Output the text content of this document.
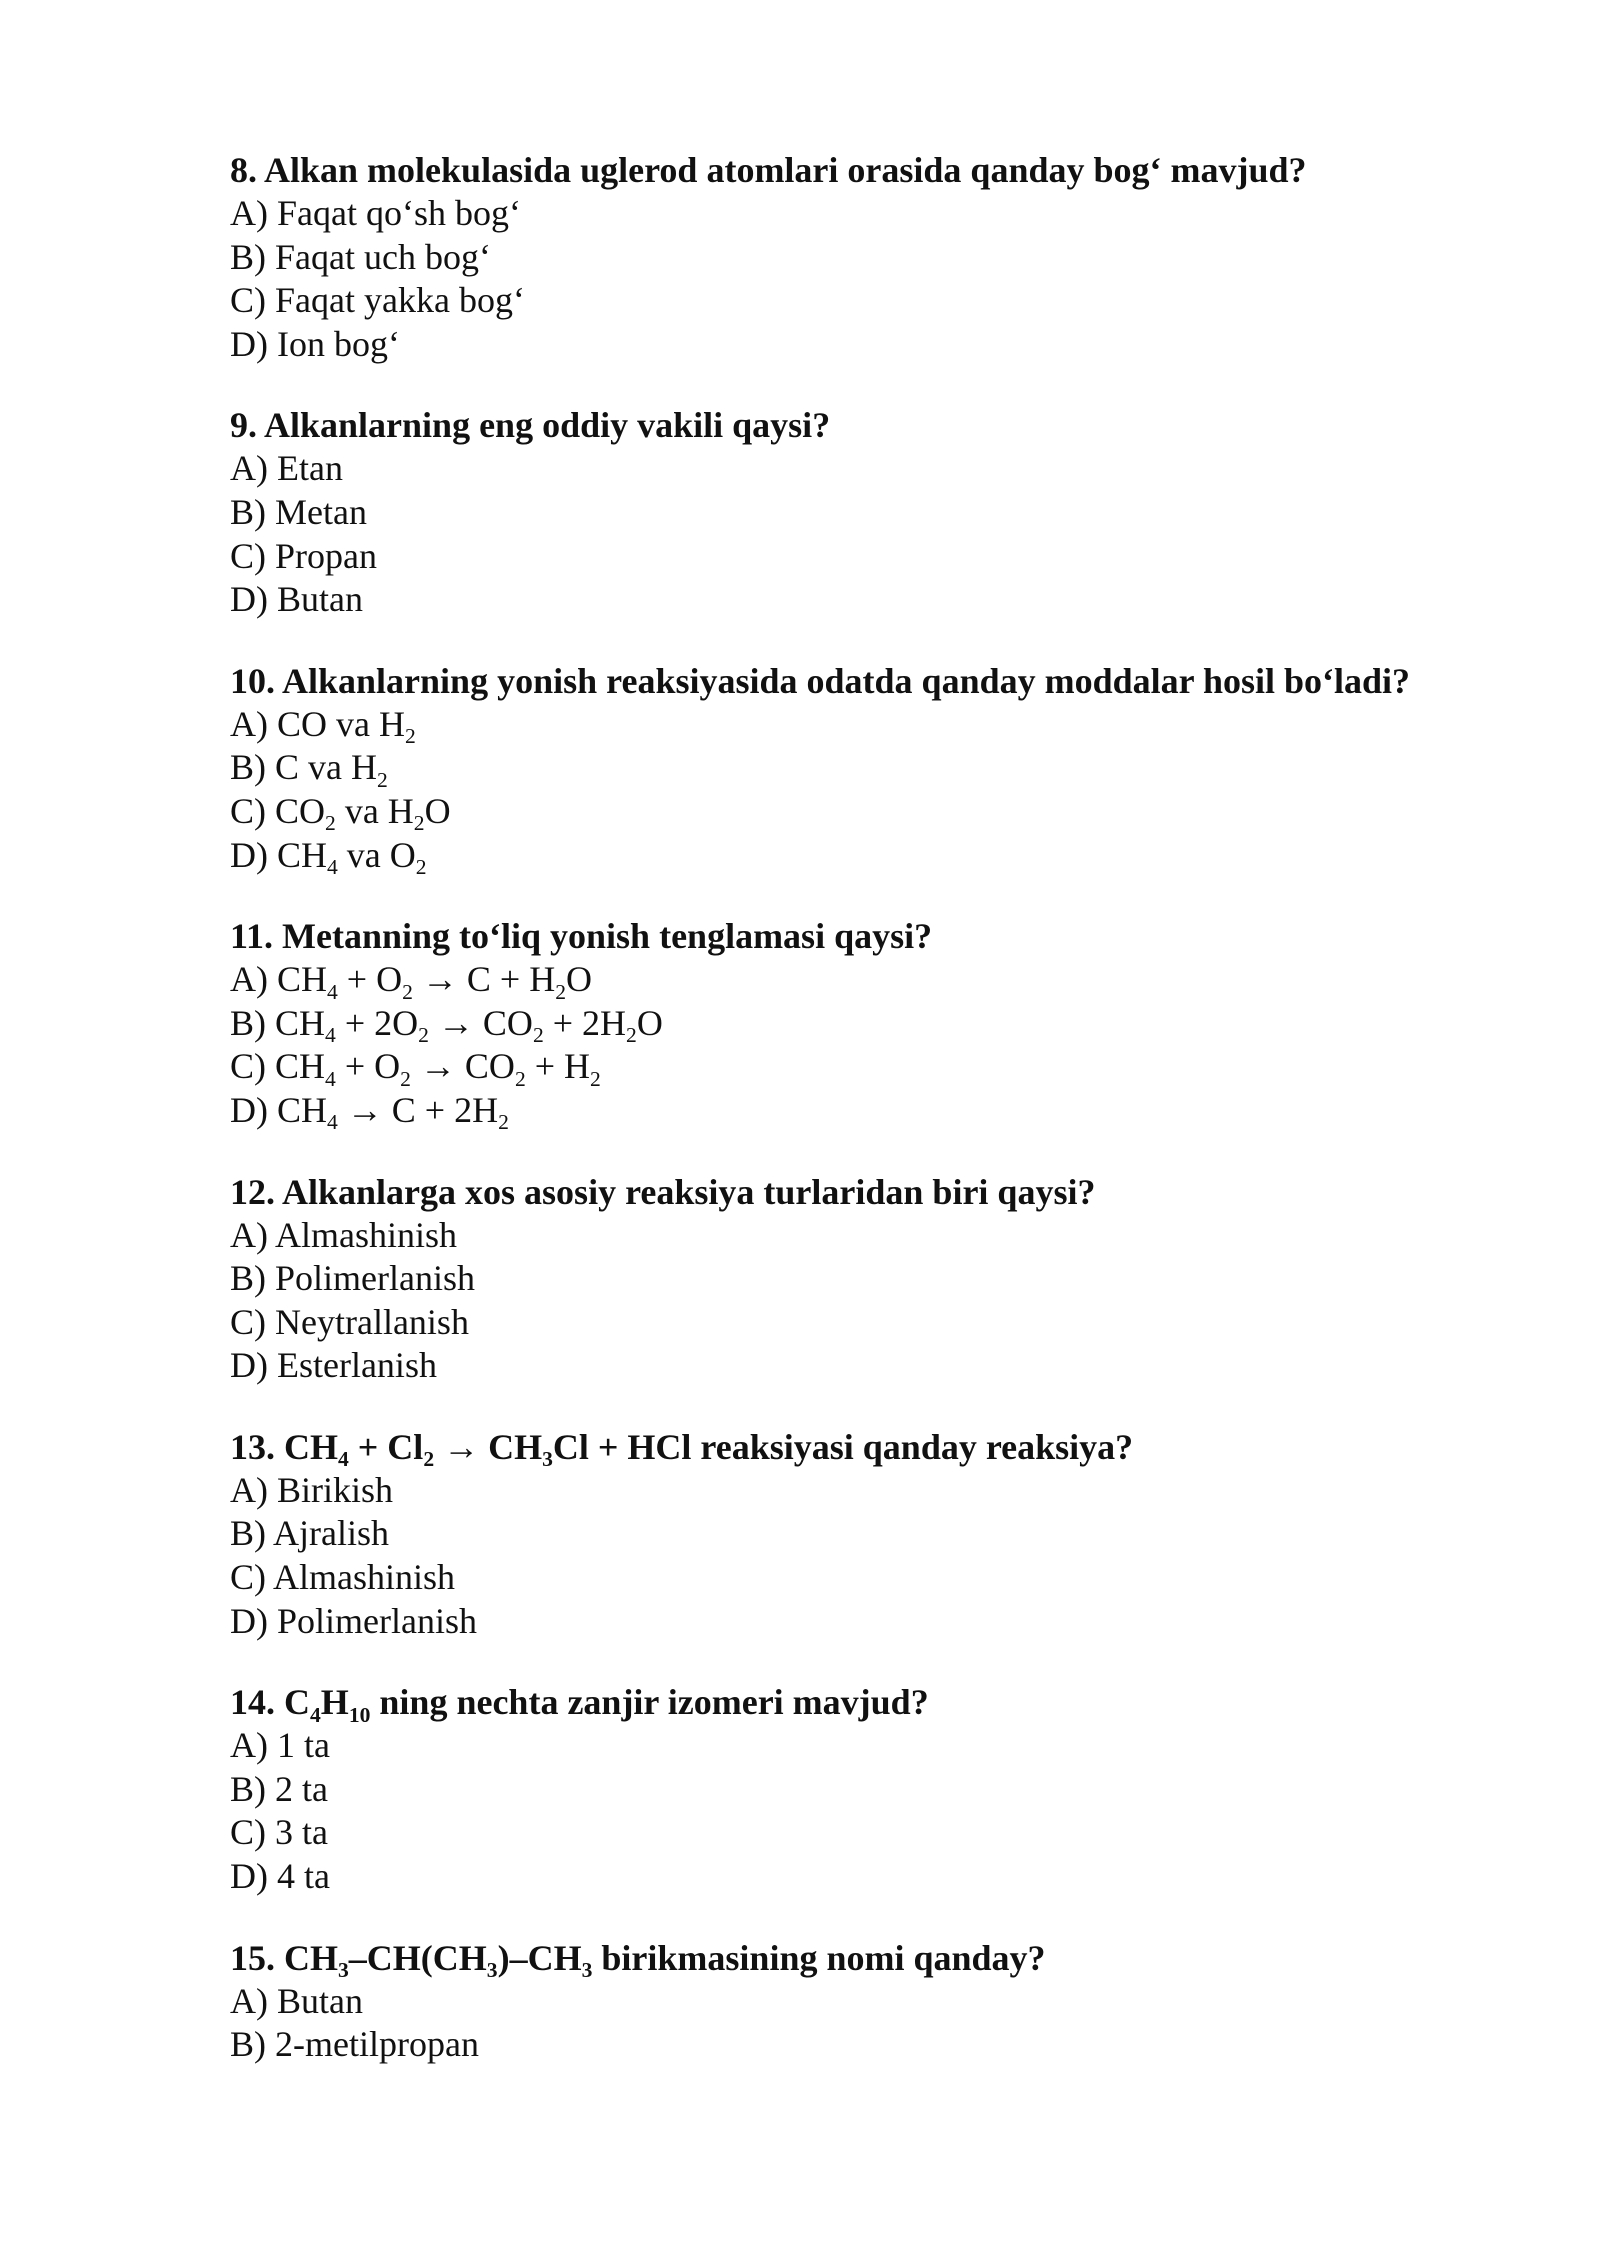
8. Alkan molekulasida uglerod atomlari orasida qanday bog‘ mavjud?
A) Faqat qo‘sh bog‘
B) Faqat uch bog‘
C) Faqat yakka bog‘
D) Ion bog‘
9. Alkanlarning eng oddiy vakili qaysi?
A) Etan
B) Metan
C) Propan
D) Butan
10. Alkanlarning yonish reaksiyasida odatda qanday moddalar hosil bo‘ladi?
A) CO va $H_2$
B) C va $H_2$
C) $CO_2$ va $H_2O$
D) $CH_4$ va $O_2$
11. Metanning to‘liq yonish tenglamasi qaysi?
A) $CH_4 + O_2 \to C + H_2O$
B) $CH_4 + 2O_2 \to CO_2 + 2H_2O$
C) $CH_4 + O_2 \to CO_2 + H_2$
D) $CH_4 \to C + 2H_2$
12. Alkanlarga xos asosiy reaksiya turlaridan biri qaysi?
A) Almashinish
B) Polimerlanish
C) Neytrallanish
D) Esterlanish
13. $CH_4 + Cl_2 \to CH_3Cl$ + HCl reaksiyasi qanday reaksiya?
A) Birikish
B) Ajralish
C) Almashinish
D) Polimerlanish
14. $C_4H_{10}$ ning nechta zanjir izomeri mavjud?
A) 1 ta
B) 2 ta
C) 3 ta
D) 4 ta
15. $CH_3-CH(CH_3)-CH_3$ birikmasining nomi qanday?
A) Butan
B) 2-metilpropan
